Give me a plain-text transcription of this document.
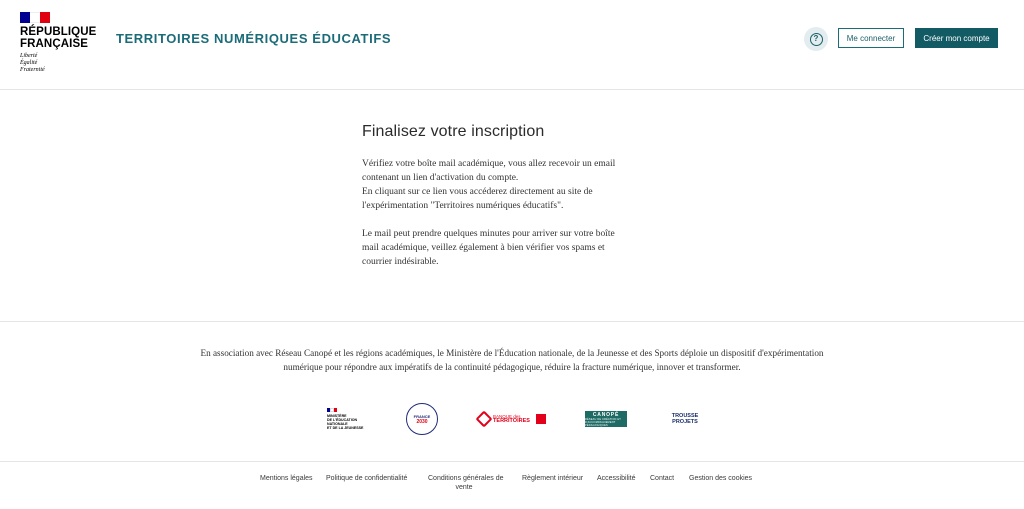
RÉPUBLIQUE
FRANÇAISE
Liberté
Égalité
Fraternité
TERRITOIRES NUMÉRIQUES ÉDUCATIFS	?	Me connecter	Créer mon compte
Finalisez votre inscription

Vérifiez votre boîte mail académique, vous allez recevoir un email

contenant un lien d'activation du compte.

En cliquant sur ce lien vous accéderez directement au site de

l'expérimentation "Territoires numériques éducatifs".

Le mail peut prendre quelques minutes pour arriver sur votre boîte

mail académique, veillez également à bien vérifier vos spams et

courrier indésirable.

En association avec Réseau Canopé et les régions académiques, le Ministère de l'Éducation nationale, de la Jeunesse et des Sports déploie un dispositif d'expérimentation numérique pour répondre aux impératifs de la continuité pédagogique, réduire la fracture numérique, innover et transformer.
MINISTÈRE
DE L'ÉDUCATION
NATIONALE
ET DE LA JEUNESSE
FRANCE
2030
BANQUE des
TERRITOIRES
CANOPÉ
RÉSEAU DE CRÉATION ET D'ACCOMPAGNEMENT PÉDAGOGIQUES
TROUSSE
PROJETS
Mentions légales Politique de confidentialité	Conditions générales de
vente
Règlement intérieur Accessibilité Contact Gestion des cookies
